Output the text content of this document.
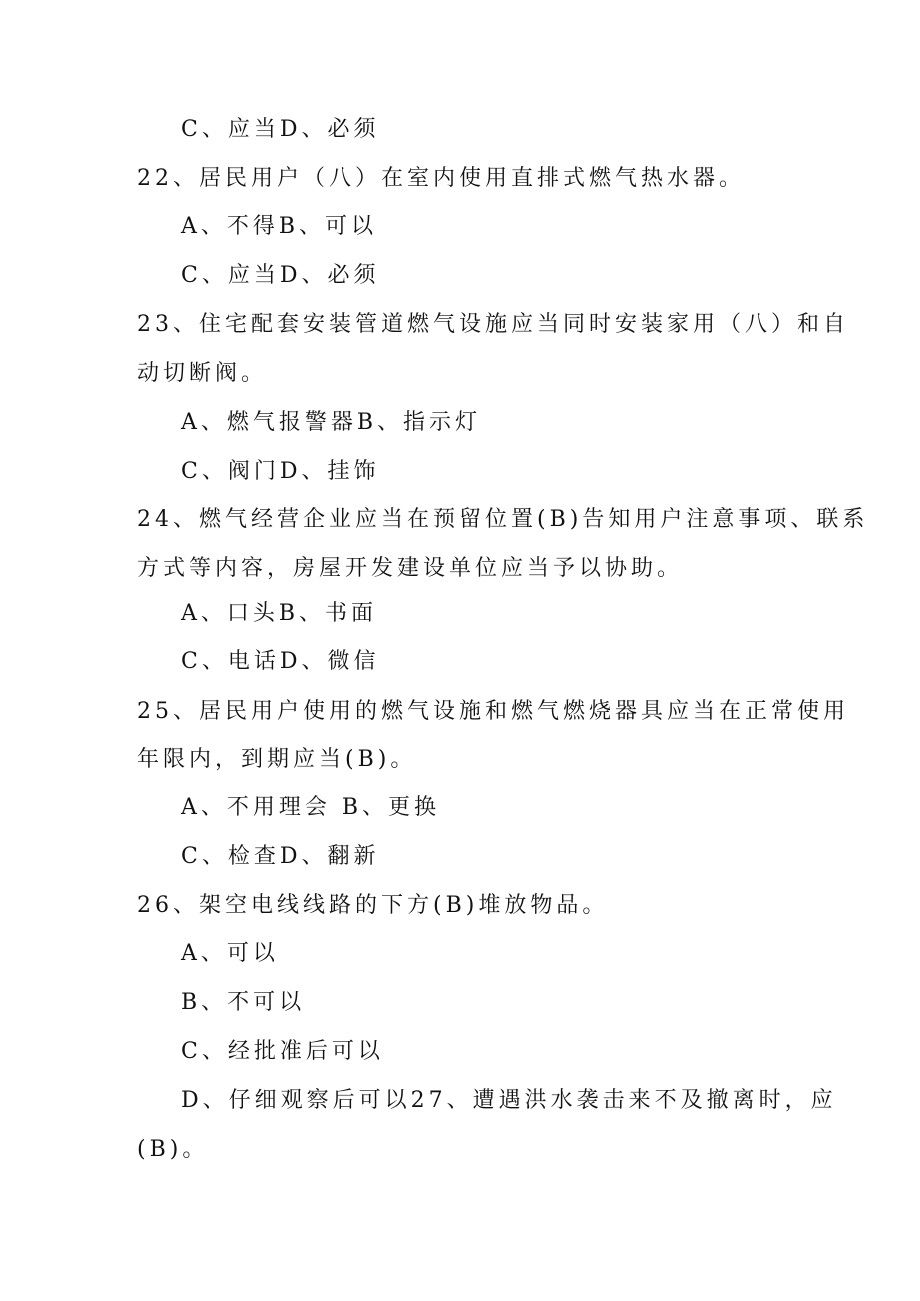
C、应当D、必须
22、居民用户（八）在室内使用直排式燃气热水器。
A、不得B、可以
C、应当D、必须
23、住宅配套安装管道燃气设施应当同时安装家用（八）和自
动切断阀。
A、燃气报警器B、指示灯
C、阀门D、挂饰
24、燃气经营企业应当在预留位置(B)告知用户注意事项、联系
方式等内容，房屋开发建设单位应当予以协助。
A、口头B、书面
C、电话D、微信
25、居民用户使用的燃气设施和燃气燃烧器具应当在正常使用
年限内，到期应当(B)。
A、不用理会 B、更换
C、检查D、翻新
26、架空电线线路的下方(B)堆放物品。
A、可以
B、不可以
C、经批准后可以
D、仔细观察后可以27、遭遇洪水袭击来不及撤离时，应
(B)。
